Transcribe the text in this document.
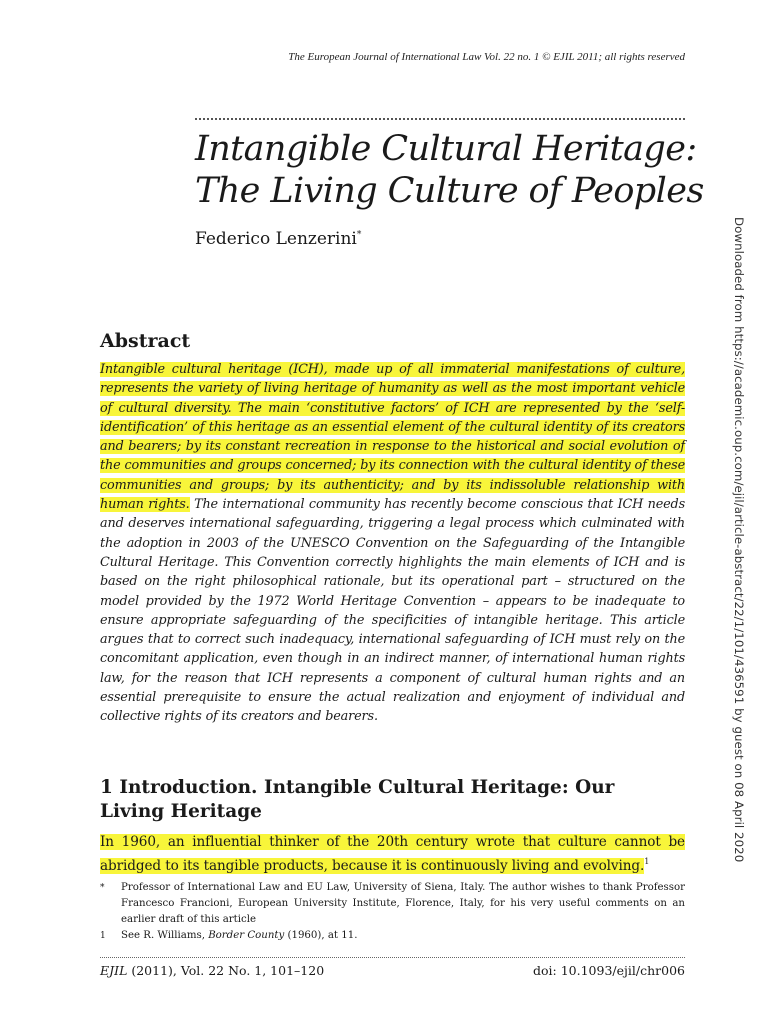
The European Journal of International Law Vol. 22 no. 1 © EJIL 2011; all rights reserved
Intangible Cultural Heritage:
The Living Culture of Peoples
Federico Lenzerini*
Abstract
Intangible cultural heritage (ICH), made up of all immaterial manifestations of culture, represents the variety of living heritage of humanity as well as the most important vehicle of cultural diversity. The main ‘constitutive factors’ of ICH are represented by the ‘self-identification’ of this heritage as an essential element of the cultural identity of its creators and bearers; by its constant recreation in response to the historical and social evolution of the communities and groups concerned; by its connection with the cultural identity of these communities and groups; by its authenticity; and by its indissoluble relationship with human rights. The international community has recently become conscious that ICH needs and deserves international safeguarding, triggering a legal process which culminated with the adoption in 2003 of the UNESCO Convention on the Safeguarding of the Intangible Cultural Heritage. This Convention correctly highlights the main elements of ICH and is based on the right philosophical rationale, but its operational part – structured on the model provided by the 1972 World Heritage Convention – appears to be inadequate to ensure appropriate safeguarding of the specificities of intangible heritage. This article argues that to correct such inadequacy, international safeguarding of ICH must rely on the concomitant application, even though in an indirect manner, of international human rights law, for the reason that ICH represents a component of cultural human rights and an essential prerequisite to ensure the actual realization and enjoyment of individual and collective rights of its creators and bearers.
1 Introduction. Intangible Cultural Heritage: Our Living Heritage
In 1960, an influential thinker of the 20th century wrote that culture cannot be abridged to its tangible products, because it is continuously living and evolving.$^1$
* Professor of International Law and EU Law, University of Siena, Italy. The author wishes to thank Professor Francesco Francioni, European University Institute, Florence, Italy, for his very useful comments on an earlier draft of this article
1 See R. Williams, Border County (1960), at 11.
EJIL (2011), Vol. 22 No. 1, 101–120	doi: 10.1093/ejil/chr006
Downloaded from https://academic.oup.com/ejil/article-abstract/22/1/101/436591 by guest on 08 April 2020
